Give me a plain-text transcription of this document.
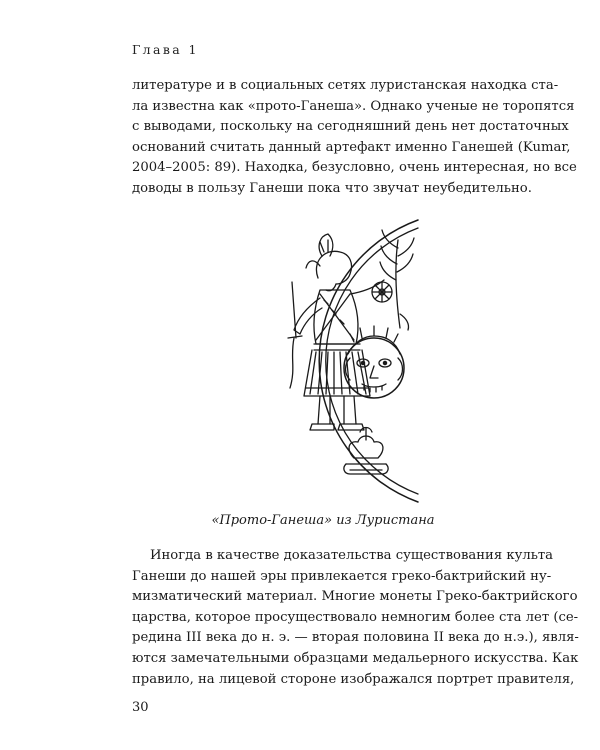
Глава 1

литературе и в социальных сетях луристанская находка ста-
ла известна как «прото-Ганеша». Однако ученые не торопятся
с выводами, поскольку на сегодняшний день нет достаточных
оснований считать данный артефакт именно Ганешей (Kumar,
2004–2005: 89). Находка, безусловно, очень интересная, но все
доводы в пользу Ганеши пока что звучат неубедительно.

«Прото-Ганеша» из Луристана

Иногда в качестве доказательства существования культа
Ганеши до нашей эры привлекается греко-бактрийский ну-
мизматический материал. Многие монеты Греко-бактрийского
царства, которое просуществовало немногим более ста лет (се-
редина III века до н. э. — вторая половина II века до н.э.), явля-
ются замечательными образцами медальерного искусства. Как
правило, на лицевой стороне изображался портрет правителя,

30
